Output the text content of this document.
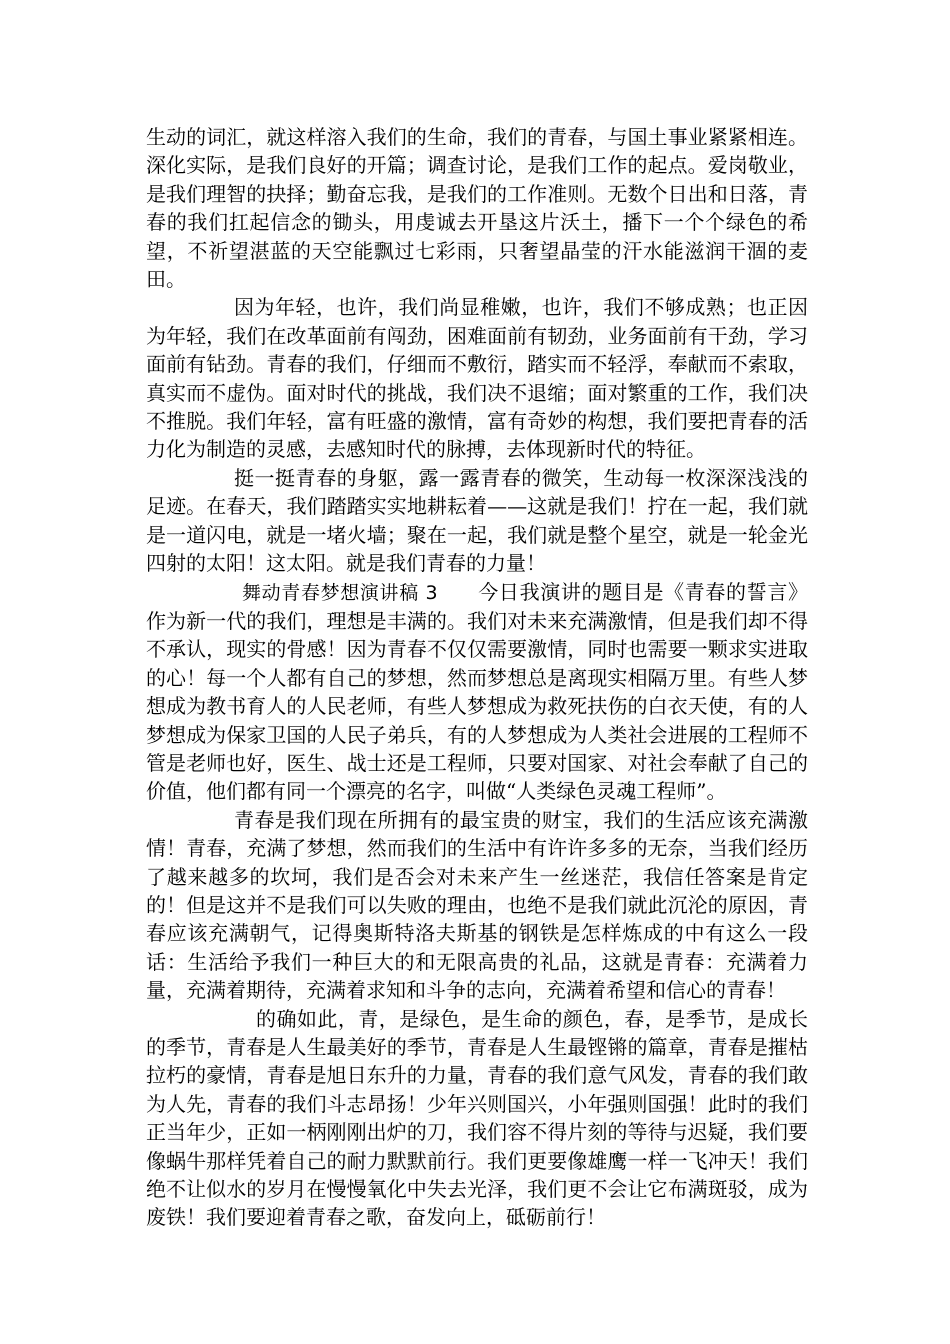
生动的词汇，就这样溶入我们的生命，我们的青春，与国土事业紧紧相连。深化实际，是我们良好的开篇；调查讨论，是我们工作的起点。爱岗敬业，是我们理智的抉择；勤奋忘我，是我们的工作准则。无数个日出和日落，青春的我们扛起信念的锄头，用虔诚去开垦这片沃土，播下一个个绿色的希望，不祈望湛蓝的天空能飘过七彩雨，只奢望晶莹的汗水能滋润干涸的麦田。

因为年轻，也许，我们尚显稚嫩，也许，我们不够成熟；也正因为年轻，我们在改革面前有闯劲，困难面前有韧劲，业务面前有干劲，学习面前有钻劲。青春的我们，仔细而不敷衍，踏实而不轻浮，奉献而不索取，真实而不虚伪。面对时代的挑战，我们决不退缩；面对繁重的工作，我们决不推脱。我们年轻，富有旺盛的激情，富有奇妙的构想，我们要把青春的活力化为制造的灵感，去感知时代的脉搏，去体现新时代的特征。

挺一挺青春的身躯，露一露青春的微笑，生动每一枚深深浅浅的足迹。在春天，我们踏踏实实地耕耘着——这就是我们！拧在一起，我们就是一道闪电，就是一堵火墙；聚在一起，我们就是整个星空，就是一轮金光四射的太阳！这太阳。就是我们青春的力量！

舞动青春梦想演讲稿 3 今日我演讲的题目是《青春的誓言》作为新一代的我们，理想是丰满的。我们对未来充满激情，但是我们却不得不承认，现实的骨感！因为青春不仅仅需要激情，同时也需要一颗求实进取的心！每一个人都有自己的梦想，然而梦想总是离现实相隔万里。有些人梦想成为教书育人的人民老师，有些人梦想成为救死扶伤的白衣天使，有的人梦想成为保家卫国的人民子弟兵，有的人梦想成为人类社会进展的工程师不管是老师也好，医生、战士还是工程师，只要对国家、对社会奉献了自己的价值，他们都有同一个漂亮的名字，叫做“人类绿色灵魂工程师”。

青春是我们现在所拥有的最宝贵的财宝，我们的生活应该充满激情！青春，充满了梦想，然而我们的生活中有许许多多的无奈，当我们经历了越来越多的坎坷，我们是否会对未来产生一丝迷茫，我信任答案是肯定的！但是这并不是我们可以失败的理由，也绝不是我们就此沉沦的原因，青春应该充满朝气，记得奥斯特洛夫斯基的钢铁是怎样炼成的中有这么一段话：生活给予我们一种巨大的和无限高贵的礼品，这就是青春：充满着力量，充满着期待，充满着求知和斗争的志向，充满着希望和信心的青春！

的确如此，青，是绿色，是生命的颜色，春，是季节，是成长的季节，青春是人生最美好的季节，青春是人生最铿锵的篇章，青春是摧枯拉朽的豪情，青春是旭日东升的力量，青春的我们意气风发，青春的我们敢为人先，青春的我们斗志昂扬！少年兴则国兴，小年强则国强！此时的我们正当年少，正如一柄刚刚出炉的刀，我们容不得片刻的等待与迟疑，我们要像蜗牛那样凭着自己的耐力默默前行。我们更要像雄鹰一样一飞冲天！我们绝不让似水的岁月在慢慢氧化中失去光泽，我们更不会让它布满斑驳，成为废铁！我们要迎着青春之歌，奋发向上，砥砺前行！
